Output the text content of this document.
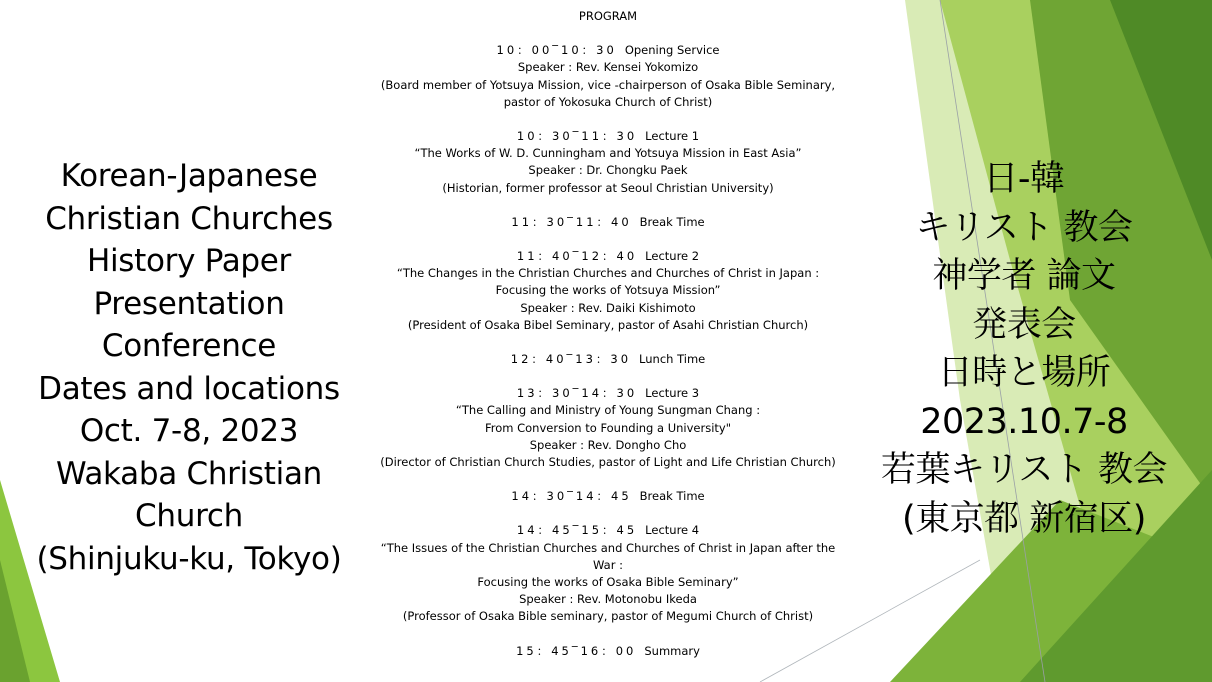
Korean-Japanese
Christian Churches
History Paper
Presentation
Conference
Dates and locations
Oct. 7-8, 2023
Wakaba Christian
Church
(Shinjuku-ku, Tokyo)
日-韓
キリスト 教会
神学者 論文
発表会
日時と場所
2023.10.7-8
若葉キリスト 教会
(東京都 新宿区)
PROGRAM
10：00‾10：30 Opening Service
Speaker : Rev. Kensei Yokomizo
(Board member of Yotsuya Mission, vice -chairperson of Osaka Bible Seminary,
pastor of Yokosuka Church of Christ)
10：30‾11：30 Lecture 1
“The Works of W. D. Cunningham and Yotsuya Mission in East Asia”
Speaker : Dr. Chongku Paek
(Historian, former professor at Seoul Christian University)
11：30‾11：40 Break Time
11：40‾12：40 Lecture 2
“The Changes in the Christian Churches and Churches of Christ in Japan :
Focusing the works of Yotsuya Mission”
Speaker : Rev. Daiki Kishimoto
(President of Osaka Bibel Seminary, pastor of Asahi Christian Church)
12：40‾13：30 Lunch Time
13：30‾14：30 Lecture 3
“The Calling and Ministry of Young Sungman Chang :
From Conversion to Founding a University"
Speaker : Rev. Dongho Cho
(Director of Christian Church Studies, pastor of Light and Life Christian Church)
14：30‾14：45 Break Time
14：45‾15：45 Lecture 4
“The Issues of the Christian Churches and Churches of Christ in Japan after the
War :
Focusing the works of Osaka Bible Seminary”
Speaker : Rev. Motonobu Ikeda
(Professor of Osaka Bible seminary, pastor of Megumi Church of Christ)
15：45‾16：00 Summary
